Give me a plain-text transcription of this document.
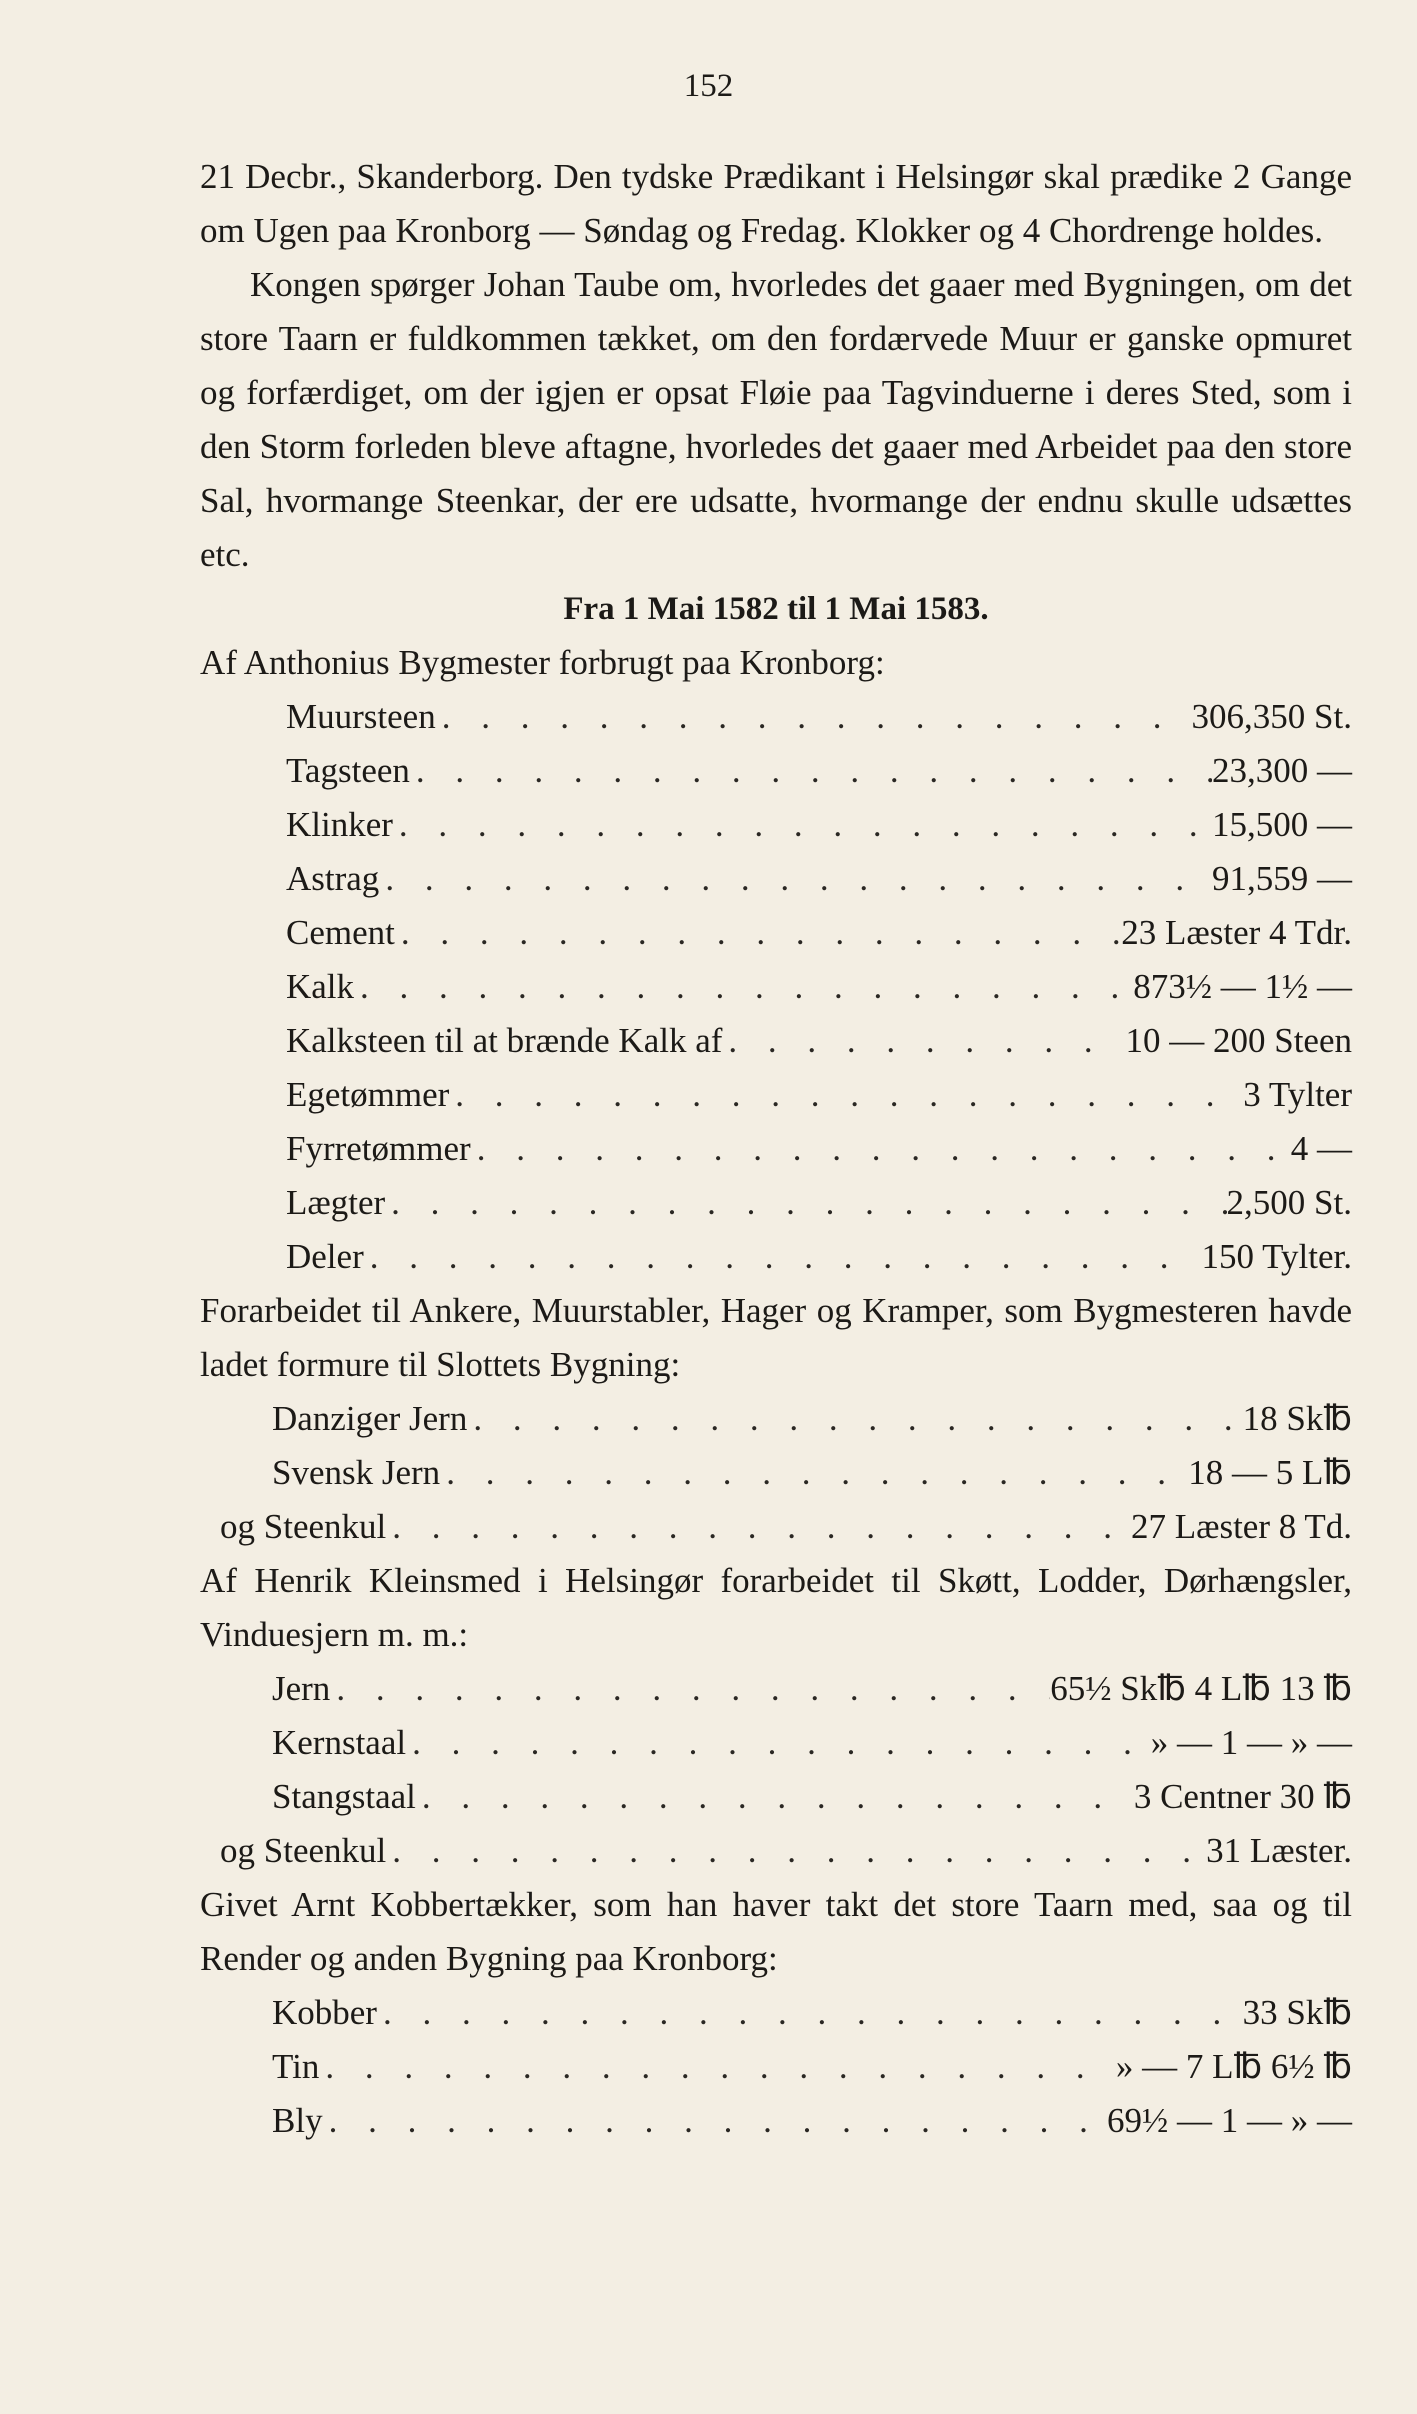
152

21 Decbr., Skanderborg. Den tydske Prædikant i Helsingør skal prædike 2 Gange om Ugen paa Kronborg — Søndag og Fredag. Klokker og 4 Chordrenge holdes.

Kongen spørger Johan Taube om, hvorledes det gaaer med Bygningen, om det store Taarn er fuldkommen tækket, om den fordærvede Muur er ganske opmuret og forfærdiget, om der igjen er opsat Fløie paa Tagvinduerne i deres Sted, som i den Storm forleden bleve aftagne, hvorledes det gaaer med Arbeidet paa den store Sal, hvormange Steenkar, der ere udsatte, hvormange der endnu skulle udsættes etc.

Fra 1 Mai 1582 til 1 Mai 1583.

Af Anthonius Bygmester forbrugt paa Kronborg:

Muursteen . . .	306,350 St.
Tagsteen . . .	23,300 —
Klinker . . .	15,500 —
Astrag . . .	91,559 —
Cement . . .	23 Læster 4 Tdr.
Kalk . . .	873½ — 1½ —
Kalksteen til at brænde Kalk af . . .	10 — 200 Steen
Egetømmer . . .	3 Tylter
Fyrretømmer . . .	4 —
Lægter . . .	2,500 St.
Deler . . .	150 Tylter.

Forarbeidet til Ankere, Muurstabler, Hager og Kramper, som Bygmesteren havde ladet formure til Slottets Bygning:

Danziger Jern . . .	18 Sk℔
Svensk Jern . . .	18 — 5 L℔
og Steenkul . . .	27 Læster 8 Td.

Af Henrik Kleinsmed i Helsingør forarbeidet til Skøtt, Lodder, Dørhængsler, Vinduesjern m. m.:

Jern . . .	65½ Sk℔ 4 L℔ 13 ℔
Kernstaal . . .	» — 1 — » —
Stangstaal . . .	3 Centner 30 ℔
og Steenkul . . .	31 Læster.

Givet Arnt Kobbertækker, som han haver takt det store Taarn med, saa og til Render og anden Bygning paa Kronborg:

Kobber . . .	33 Sk℔
Tin . . .	» — 7 L℔ 6½ ℔
Bly . . .	69½ — 1 — » —
